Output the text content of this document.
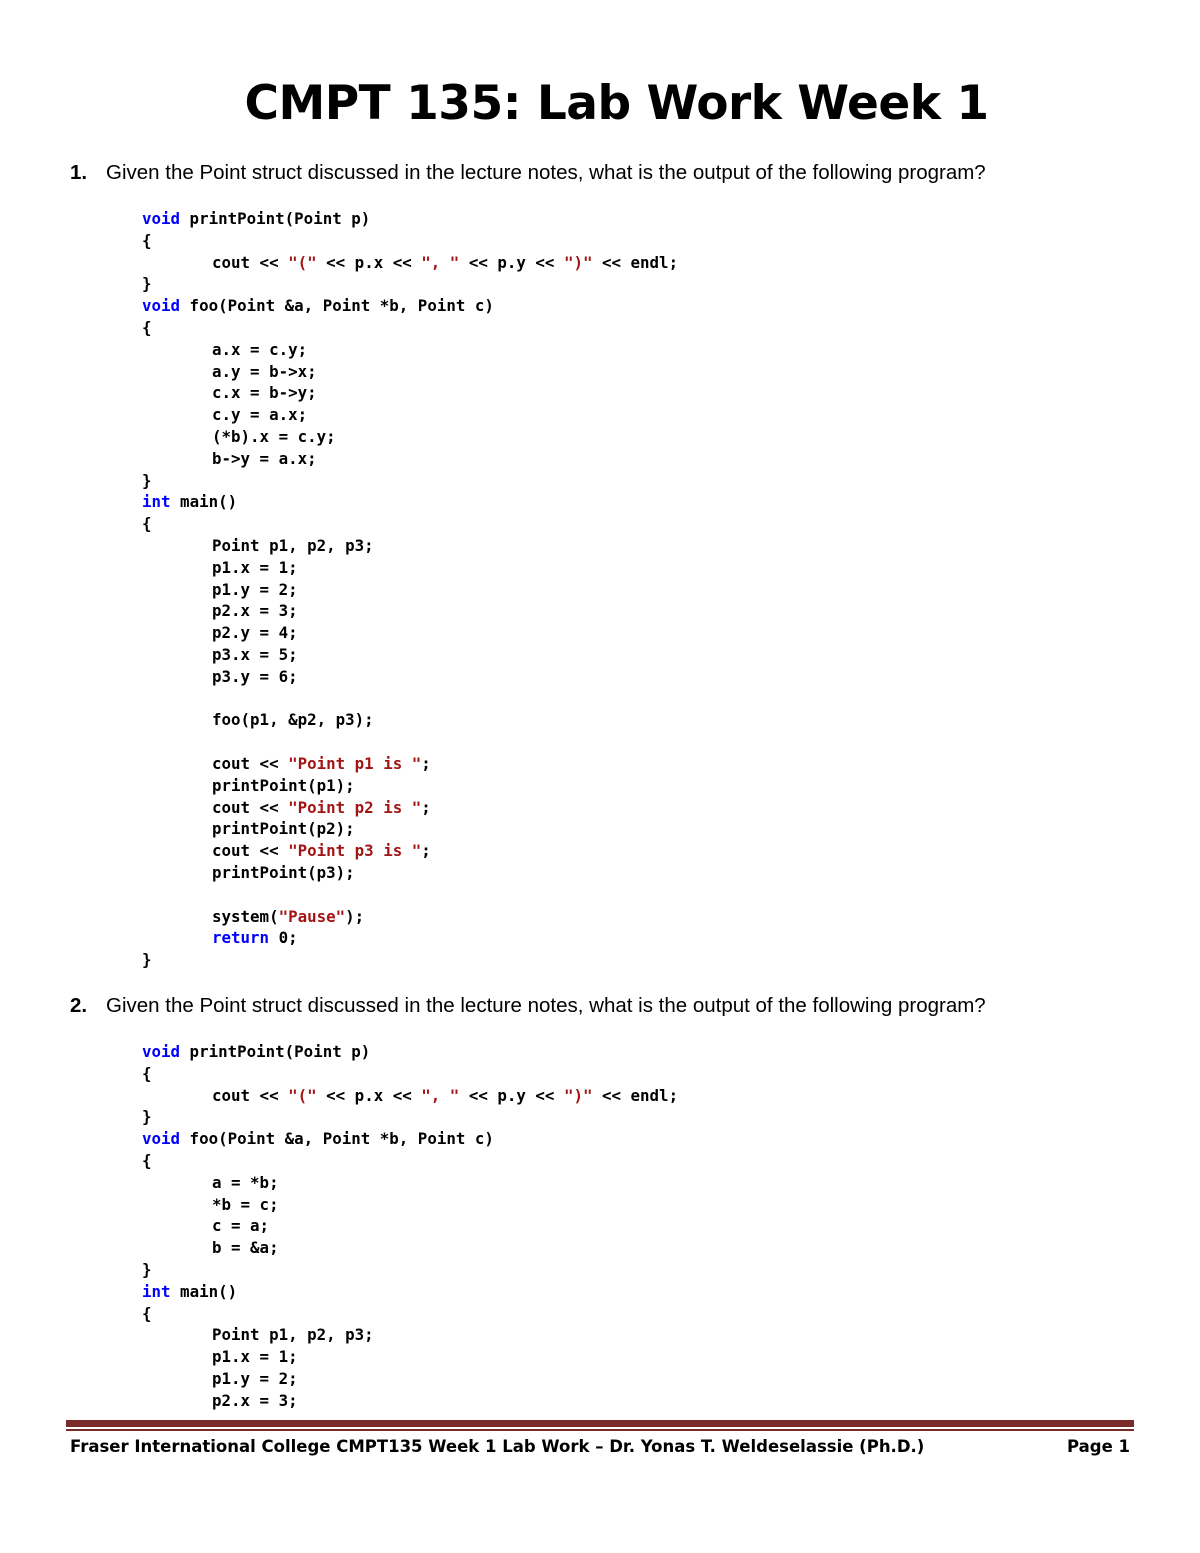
CMPT 135: Lab Work Week 1
1. Given the Point struct discussed in the lecture notes, what is the output of the following program?
void printPoint(Point p)
{
cout << "(" << p.x << ", " << p.y << ")" << endl;
}
void foo(Point &a, Point *b, Point c)
{
a.x = c.y;
a.y = b->x;
c.x = b->y;
c.y = a.x;
(*b).x = c.y;
b->y = a.x;
}
int main()
{
Point p1, p2, p3;
p1.x = 1;
p1.y = 2;
p2.x = 3;
p2.y = 4;
p3.x = 5;
p3.y = 6;
foo(p1, &p2, p3);
cout << "Point p1 is ";
printPoint(p1);
cout << "Point p2 is ";
printPoint(p2);
cout << "Point p3 is ";
printPoint(p3);
system("Pause");
return 0;
}
2. Given the Point struct discussed in the lecture notes, what is the output of the following program?
void printPoint(Point p)
{
cout << "(" << p.x << ", " << p.y << ")" << endl;
}
void foo(Point &a, Point *b, Point c)
{
a = *b;
*b = c;
c = a;
b = &a;
}
int main()
{
Point p1, p2, p3;
p1.x = 1;
p1.y = 2;
p2.x = 3;
Fraser International College CMPT135 Week 1 Lab Work – Dr. Yonas T. Weldeselassie (Ph.D.)	Page 1
